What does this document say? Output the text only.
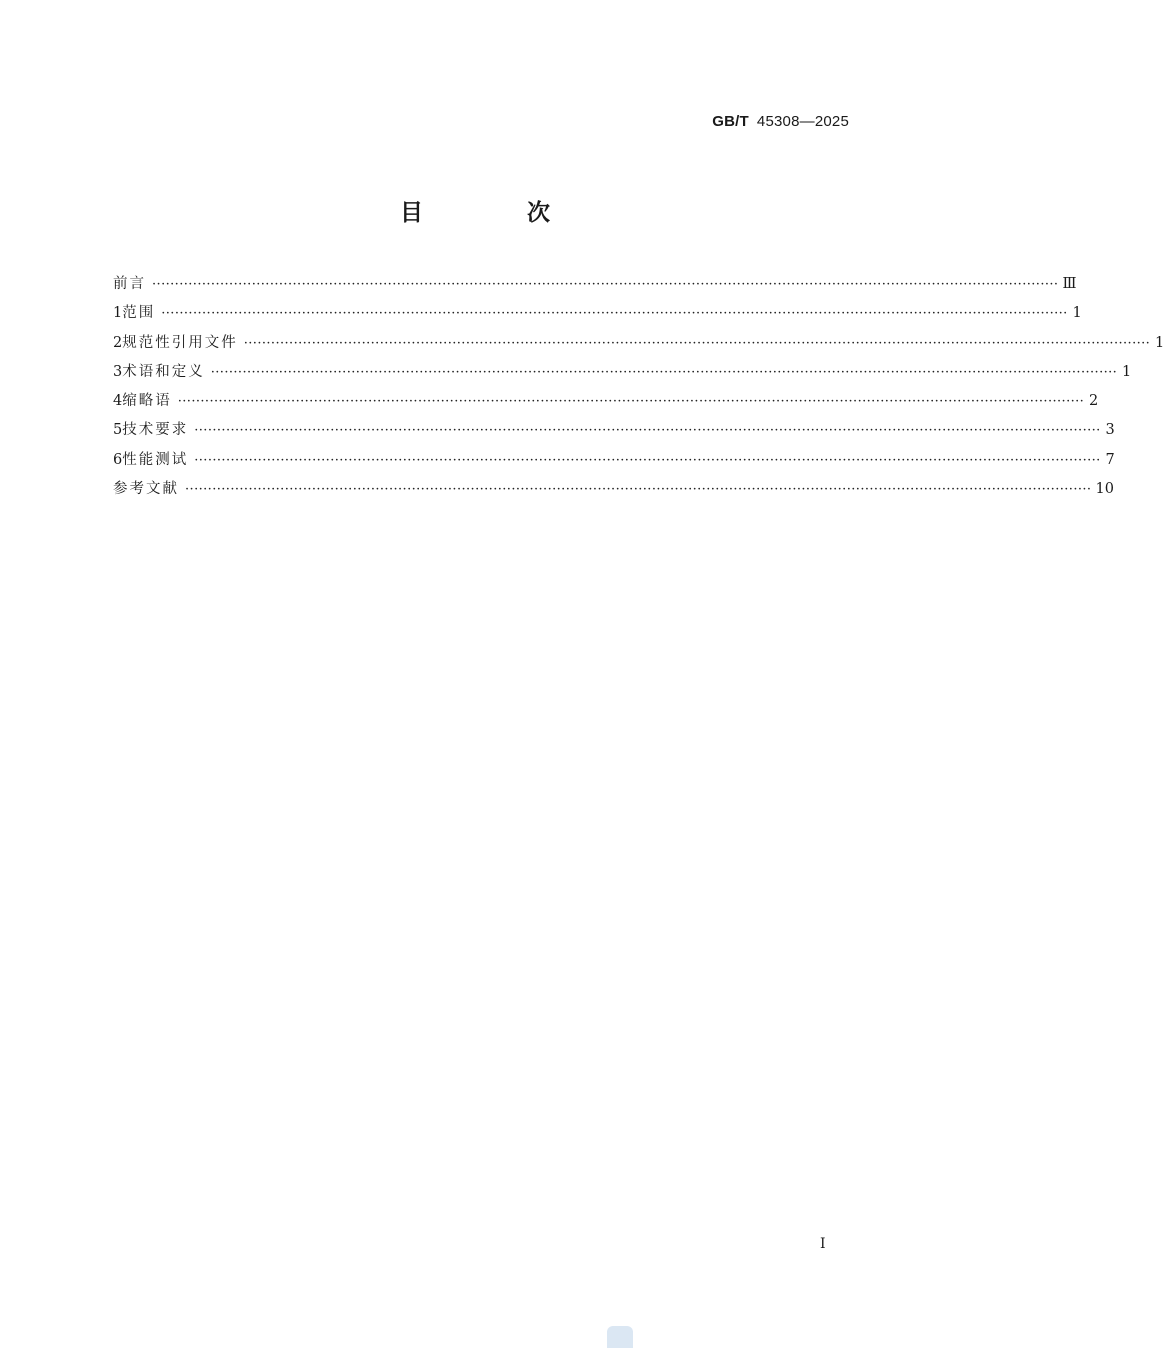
GB/T 45308—2025
目 次
前言 ········································································································································································································ Ⅲ
1 范围 ········································································································································································································ 1
2 规范性引用文件 ········································································································································································································ 1
3 术语和定义 ········································································································································································································ 1
4 缩略语 ········································································································································································································ 2
5 技术要求 ········································································································································································································ 3
6 性能测试 ········································································································································································································ 7
参考文献 ········································································································································································································ 10
I
